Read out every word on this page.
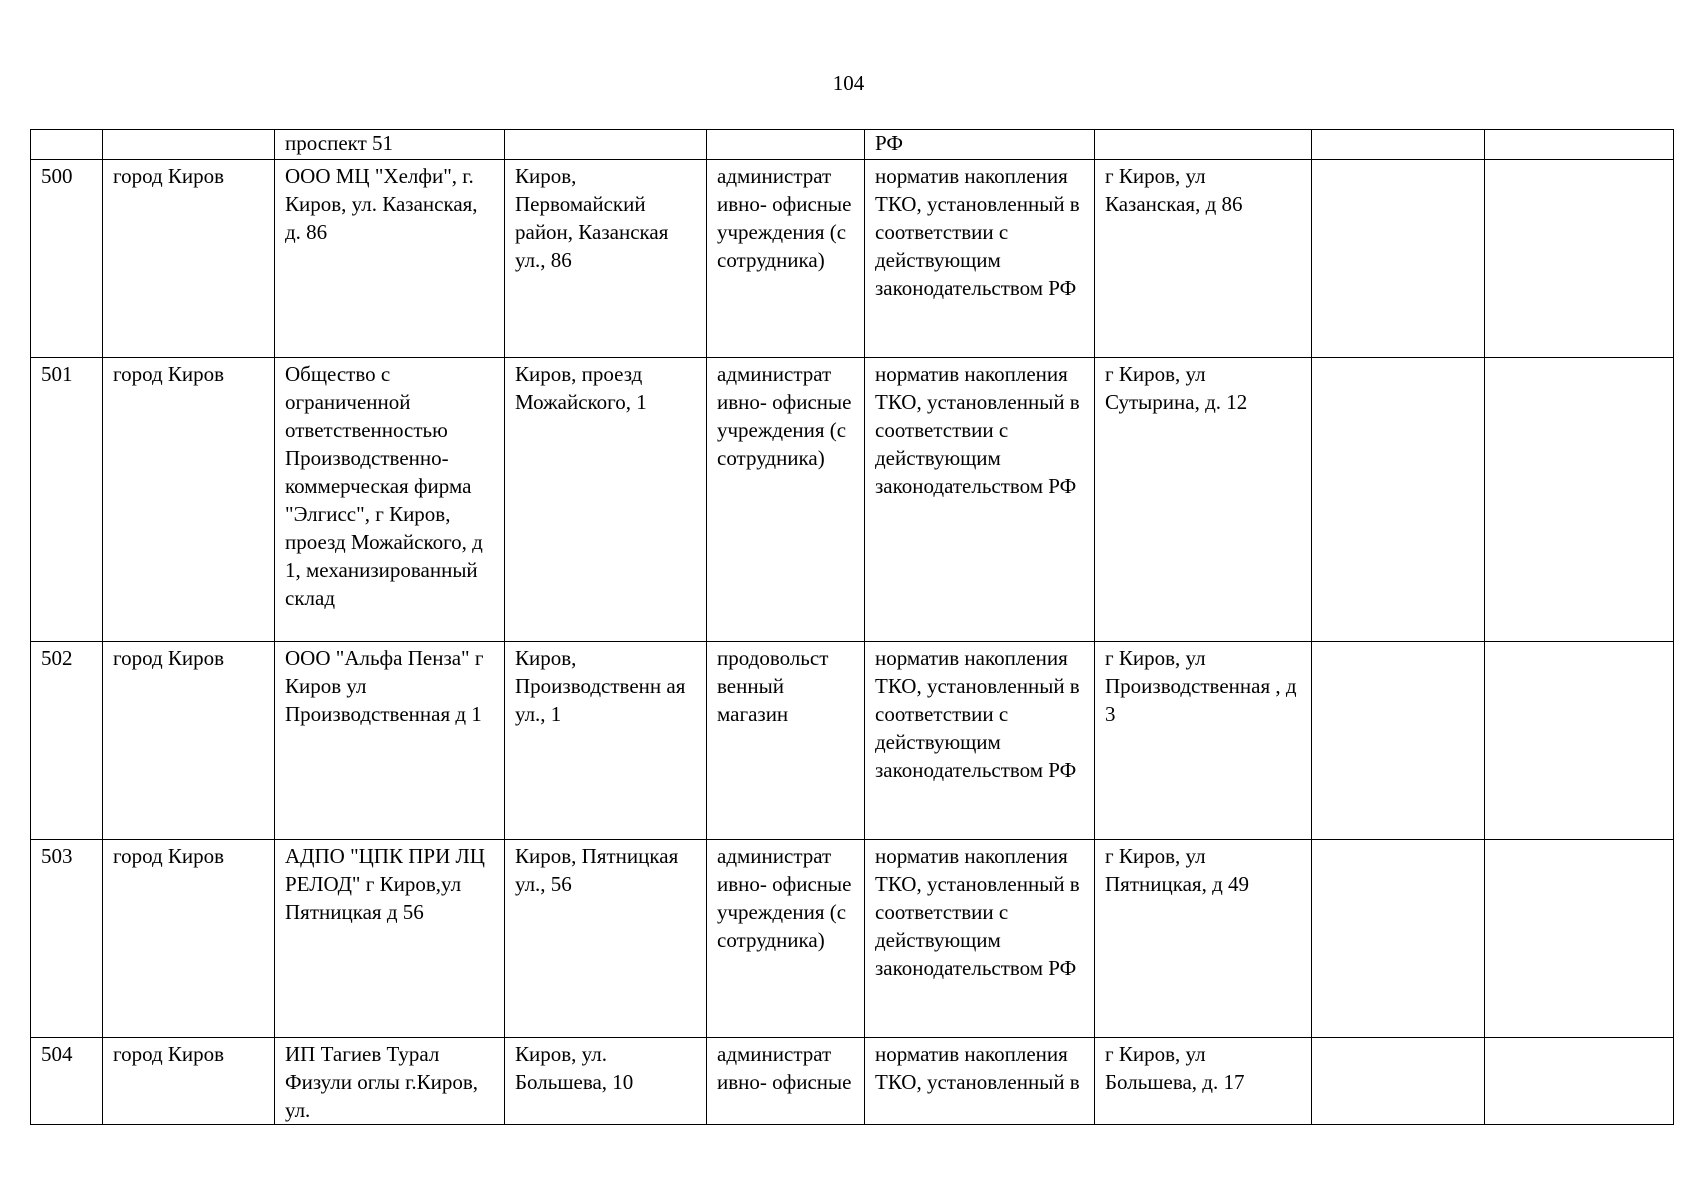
104
		проспект 51			РФ			
500	город Киров	ООО МЦ "Хелфи", г. Киров, ул. Казанская, д. 86	Киров, Первомайский район, Казанская ул., 86	администрат ивно- офисные учреждения (с сотрудника)	норматив накопления ТКО, установленный в соответствии с действующим законодательством РФ	г Киров, ул Казанская, д 86		
501	город Киров	Общество с ограниченной ответственностью Производственно- коммерческая фирма "Элгисс", г Киров, проезд Можайского, д 1, механизированный склад	Киров, проезд Можайского, 1	администрат ивно- офисные учреждения (с сотрудника)	норматив накопления ТКО, установленный в соответствии с действующим законодательством РФ	г Киров, ул Сутырина, д. 12		
502	город Киров	ООО "Альфа Пенза" г Киров ул Производственная д 1	Киров, Производственн ая ул., 1	продовольст венный магазин	норматив накопления ТКО, установленный в соответствии с действующим законодательством РФ	г Киров, ул Производственная , д 3		
503	город Киров	АДПО "ЦПК ПРИ ЛЦ РЕЛОД" г Киров,ул Пятницкая д 56	Киров, Пятницкая ул., 56	администрат ивно- офисные учреждения (с сотрудника)	норматив накопления ТКО, установленный в соответствии с действующим законодательством РФ	г Киров, ул Пятницкая, д 49		
504	город Киров	ИП Тагиев Турал Физули оглы г.Киров, ул.	Киров, ул. Большева, 10	администрат ивно- офисные	норматив накопления ТКО, установленный в	г Киров, ул Большева, д. 17		
